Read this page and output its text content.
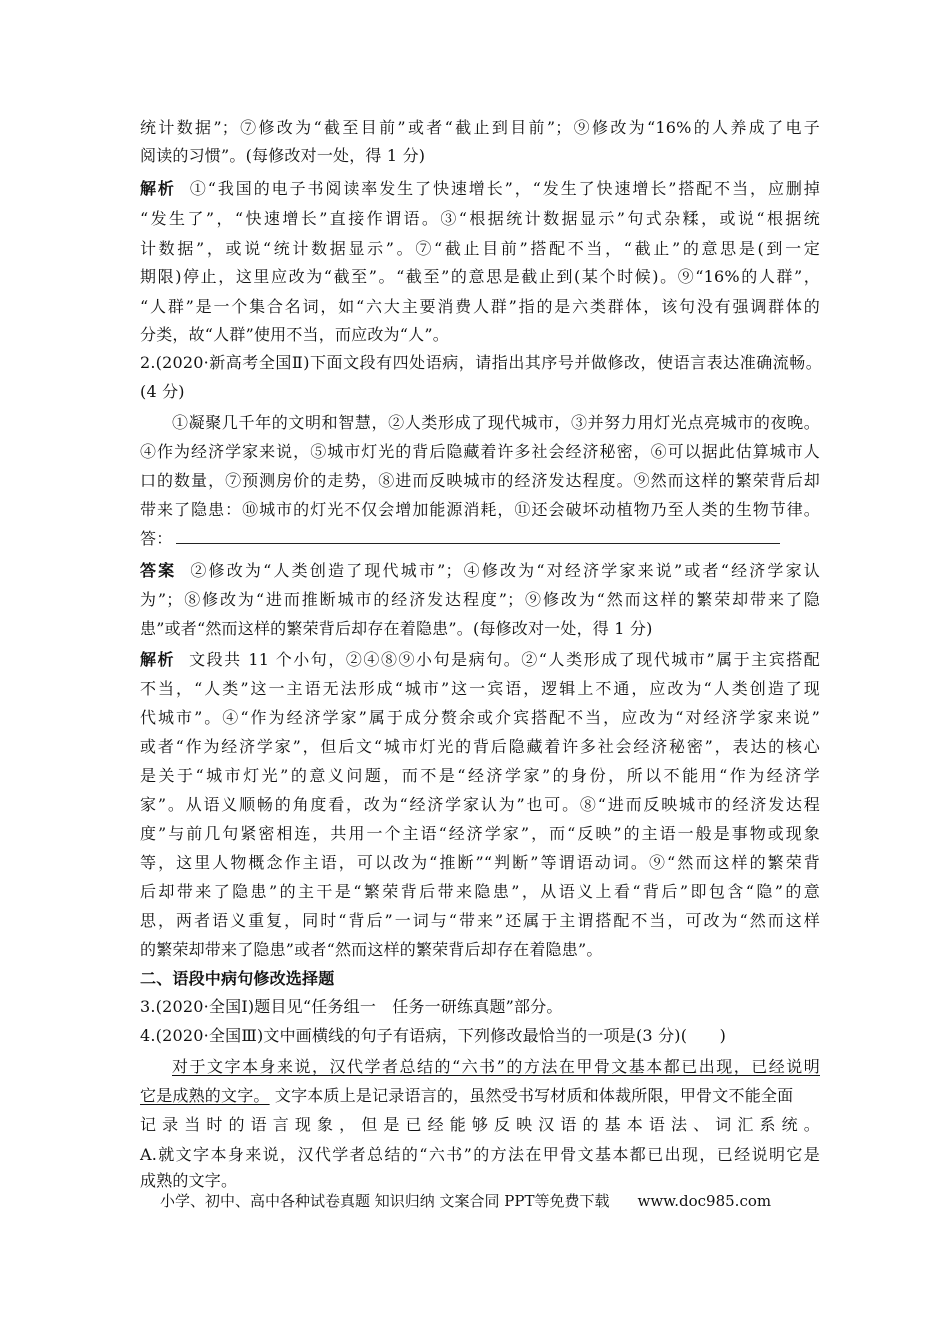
统计数据”；⑦修改为“截至目前”或者“截止到目前”；⑨修改为“16%的人养成了电子
阅读的习惯”。(每修改对一处，得 1 分)
解析 ①“我国的电子书阅读率发生了快速增长”，“发生了快速增长”搭配不当，应删掉
“发生了”，“快速增长”直接作谓语。③“根据统计数据显示”句式杂糅，或说“根据统
计数据”，或说“统计数据显示”。⑦“截止目前”搭配不当，“截止”的意思是(到一定
期限)停止，这里应改为“截至”。“截至”的意思是截止到(某个时候)。⑨“16%的人群”，
“人群”是一个集合名词，如“六大主要消费人群”指的是六类群体，该句没有强调群体的
分类，故“人群”使用不当，而应改为“人”。
2.(2020·新高考全国Ⅱ)下面文段有四处语病，请指出其序号并做修改，使语言表达准确流畅。
(4 分)
①凝聚几千年的文明和智慧，②人类形成了现代城市，③并努力用灯光点亮城市的夜晚。
④作为经济学家来说，⑤城市灯光的背后隐藏着许多社会经济秘密，⑥可以据此估算城市人
口的数量，⑦预测房价的走势，⑧进而反映城市的经济发达程度。⑨然而这样的繁荣背后却
带来了隐患：⑩城市的灯光不仅会增加能源消耗，⑪还会破坏动植物乃至人类的生物节律。
答：
答案 ②修改为“人类创造了现代城市”；④修改为“对经济学家来说”或者“经济学家认
为”；⑧修改为“进而推断城市的经济发达程度”；⑨修改为“然而这样的繁荣却带来了隐
患”或者“然而这样的繁荣背后却存在着隐患”。(每修改对一处，得 1 分)
解析 文段共 11 个小句，②④⑧⑨小句是病句。②“人类形成了现代城市”属于主宾搭配
不当，“人类”这一主语无法形成“城市”这一宾语，逻辑上不通，应改为“人类创造了现
代城市”。④“作为经济学家”属于成分赘余或介宾搭配不当，应改为“对经济学家来说”
或者“作为经济学家”，但后文“城市灯光的背后隐藏着许多社会经济秘密”，表达的核心
是关于“城市灯光”的意义问题，而不是“经济学家”的身份，所以不能用“作为经济学
家”。从语义顺畅的角度看，改为“经济学家认为”也可。⑧“进而反映城市的经济发达程
度”与前几句紧密相连，共用一个主语“经济学家”，而“反映”的主语一般是事物或现象
等，这里人物概念作主语，可以改为“推断”“判断”等谓语动词。⑨“然而这样的繁荣背
后却带来了隐患”的主干是“繁荣背后带来隐患”，从语义上看“背后”即包含“隐”的意
思，两者语义重复，同时“背后”一词与“带来”还属于主谓搭配不当，可改为“然而这样
的繁荣却带来了隐患”或者“然而这样的繁荣背后却存在着隐患”。
二、语段中病句修改选择题
3.(2020·全国Ⅰ)题目见“任务组一　任务一研练真题”部分。
4.(2020·全国Ⅲ)文中画横线的句子有语病，下列修改最恰当的一项是(3 分)(　　)
对于文字本身来说，汉代学者总结的“六书”的方法在甲骨文基本都已出现，已经说明
它是成熟的文字。 文字本质上是记录语言的，虽然受书写材质和体裁所限，甲骨文不能全面
记录当时的语言现象，但是已经能够反映汉语的基本语法、词汇系统。
A.就文字本身来说，汉代学者总结的“六书”的方法在甲骨文基本都已出现，已经说明它是
成熟的文字。
小学、初中、高中各种试卷真题 知识归纳 文案合同 PPT等免费下载 www.doc985.com
